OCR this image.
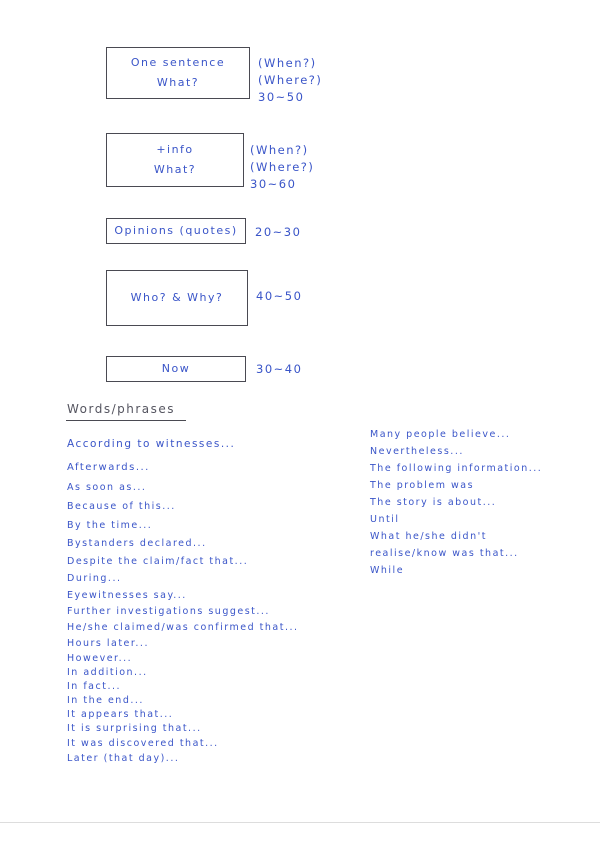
One sentence
What?
(When?)
(Where?)
30~50
+info
What?
(When?)
(Where?)
30~60
Opinions (quotes) 20~30
Who? & Why?	40~50
Now	30~40
Words/phrases
According to witnesses...
Afterwards...
As soon as...
Because of this...
By the time...
Bystanders declared...
Despite the claim/fact that...
During...
Eyewitnesses say...
Further investigations suggest...
He/she claimed/was confirmed that...
Hours later...
However...
In addition...
In fact...
In the end...
It appears that...
It is surprising that...
It was discovered that...
Later (that day)...
Many people believe...
Nevertheless...
The following information...
The problem was
The story is about...
Until
What he/she didn't
realise/know was that...
While
